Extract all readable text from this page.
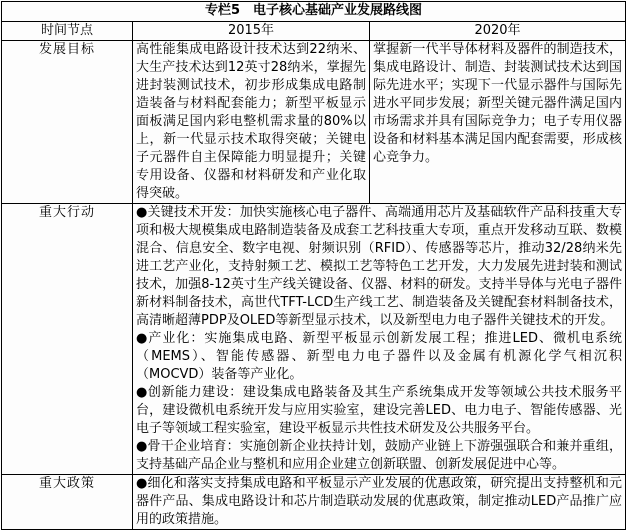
专栏5　电子核心基础产业发展路线图		
时间节点	2015年	2020年
发展目标	高性能集成电路设计技术达到22纳米、大生产技术达到12英寸28纳米，掌握先进封装测试技术，初步形成集成电路制造装备与材料配套能力；新型平板显示面板满足国内彩电整机需求量的80%以上，新一代显示技术取得突破；关键电子元器件自主保障能力明显提升；关键专用设备、仪器和材料研发和产业化取得突破。	掌握新一代半导体材料及器件的制造技术，集成电路设计、制造、封装测试技术达到国际先进水平；实现下一代显示器件与国际先进水平同步发展；新型关键元器件满足国内市场需求并具有国际竞争力；电子专用仪器设备和材料基本满足国内配套需要，形成核心竞争力。
重大行动	●关键技术开发：加快实施核心电子器件、高端通用芯片及基础软件产品科技重大专项和极大规模集成电路制造装备及成套工艺科技重大专项，重点开发移动互联、数模混合、信息安全、数字电视、射频识别（RFID）、传感器等芯片，推动32/28纳米先进工艺产业化，支持射频工艺、模拟工艺等特色工艺开发，大力发展先进封装和测试技术，加强8-12英寸生产线关键设备、仪器、材料的研发。支持半导体与光电子器件新材料制备技术，高世代TFT-LCD生产线工艺、制造装备及关键配套材料制备技术，高清晰超薄PDP及OLED等新型显示技术，以及新型电力电子器件关键技术的开发。
●产业化：实施集成电路、新型平板显示创新发展工程；推进LED、微机电系统（MEMS）、智能传感器、新型电力电子器件以及金属有机源化学气相沉积（MOCVD）装备等产业化。
●创新能力建设：建设集成电路装备及其生产系统集成开发等领域公共技术服务平台，建设微机电系统开发与应用实验室，建设完善LED、电力电子、智能传感器、光电子等领域工程实验室，建设平板显示共性技术研发及公共服务平台。
●骨干企业培育：实施创新企业扶持计划，鼓励产业链上下游强强联合和兼并重组，支持基础产品企业与整机和应用企业建立创新联盟、创新发展促进中心等。	

重大政策	●细化和落实支持集成电路和平板显示产业发展的优惠政策，研究提出支持整机和元器件产品、集成电路设计和芯片制造联动发展的优惠政策，制定推动LED产品推广应用的政策措施。	
